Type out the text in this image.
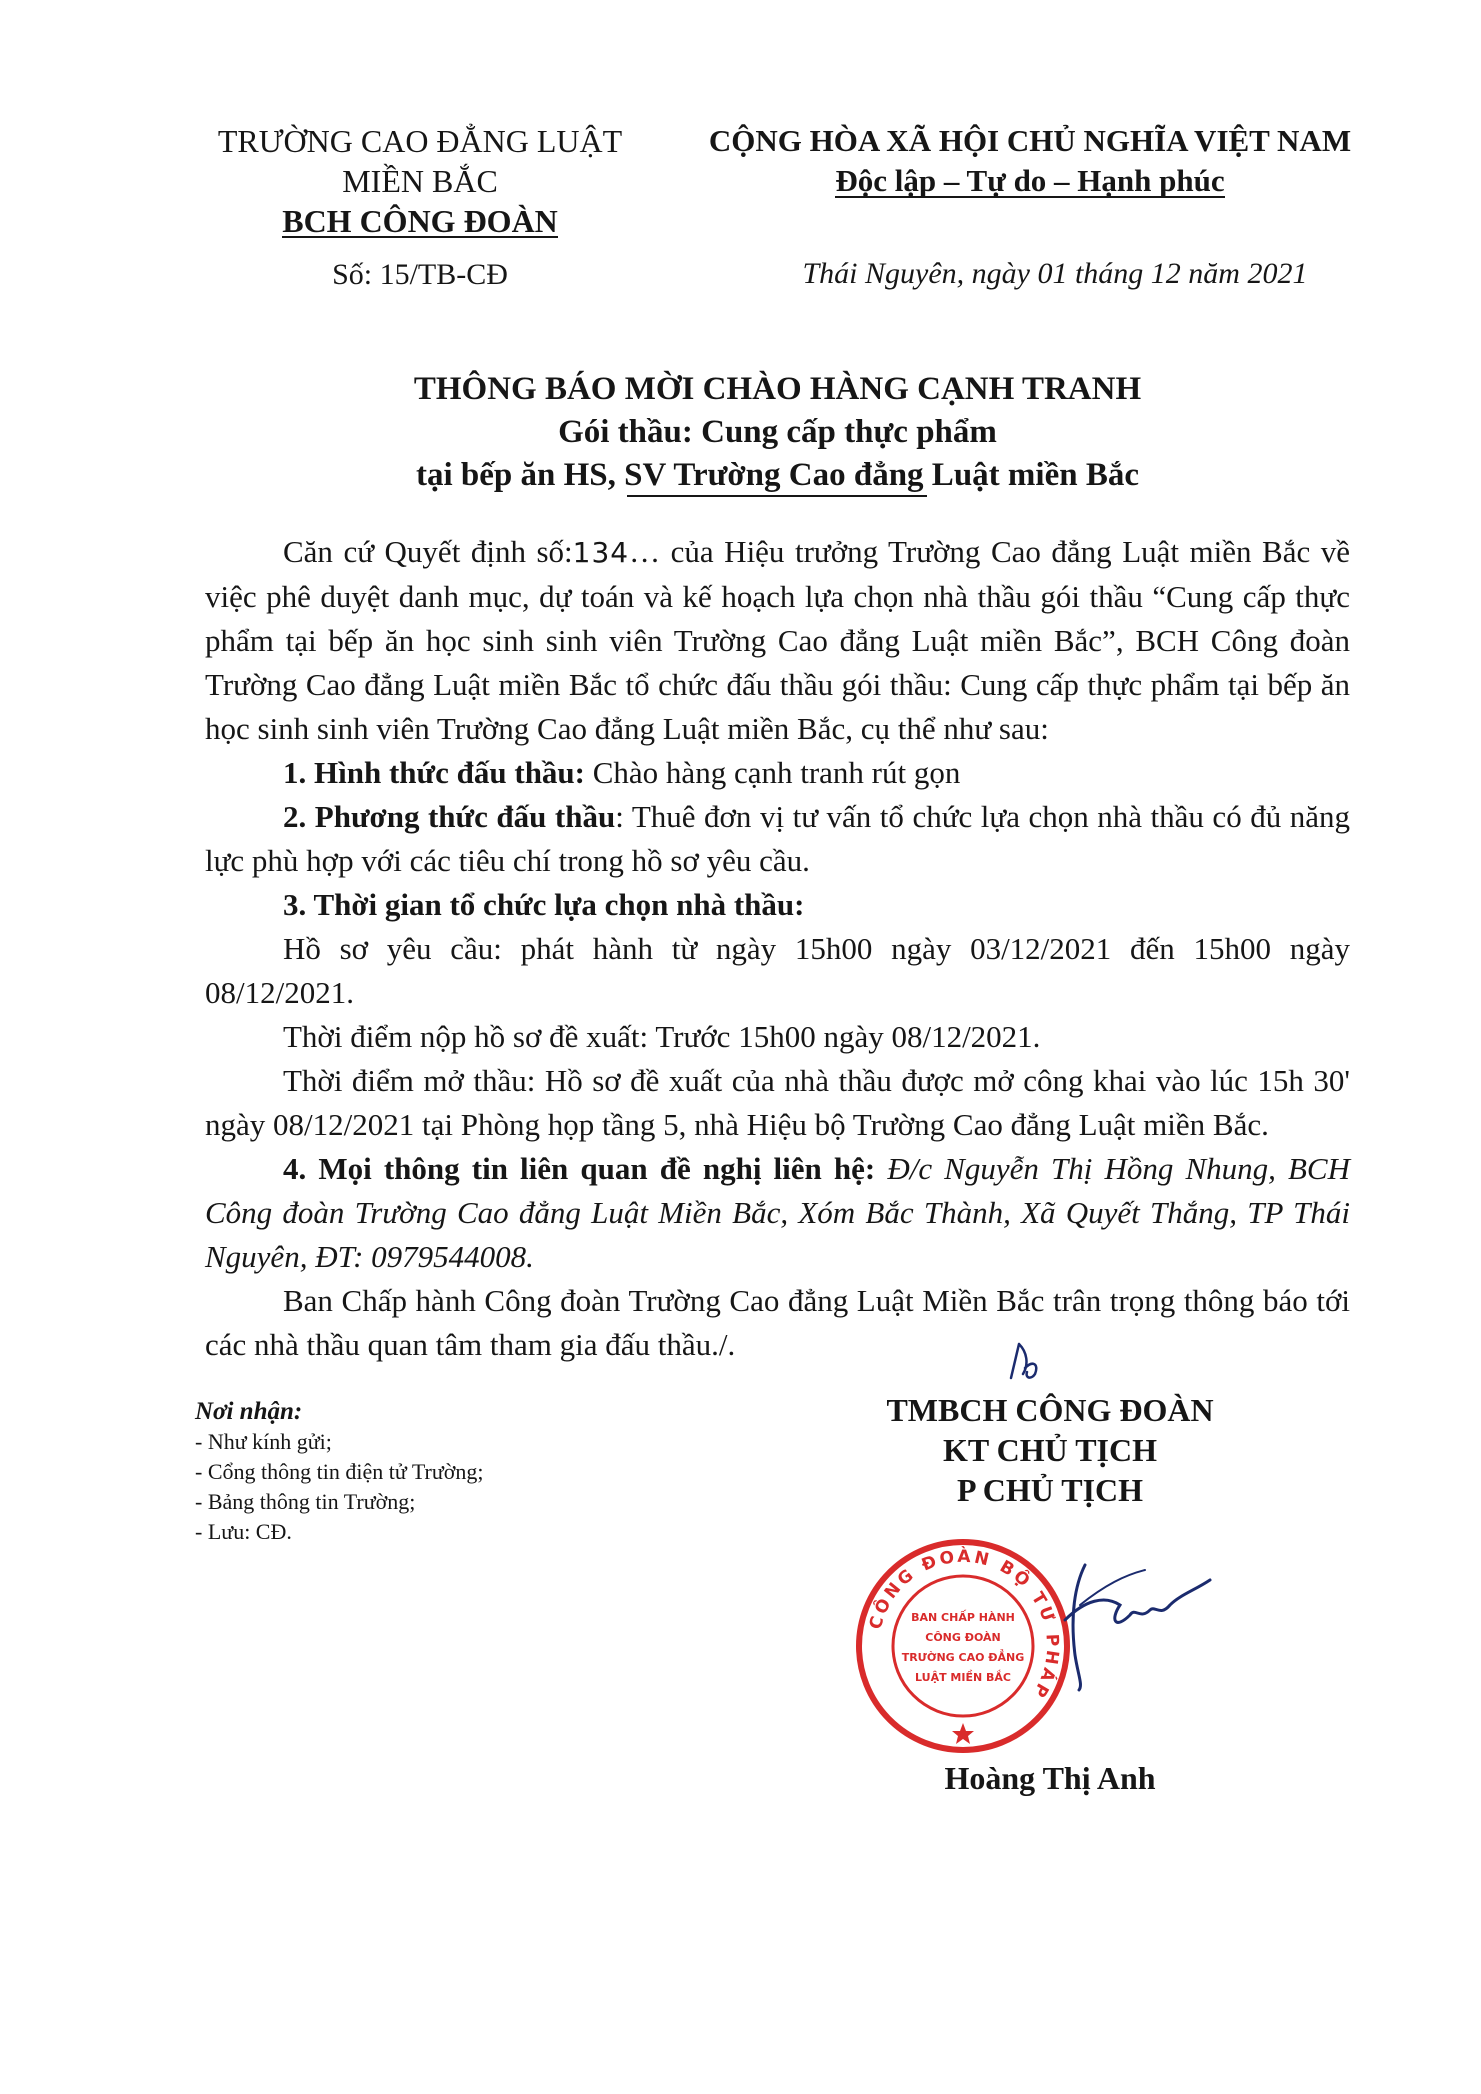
TRƯỜNG CAO ĐẲNG LUẬT
MIỀN BẮC
BCH CÔNG ĐOÀN
Số: 15/TB-CĐ
CỘNG HÒA XÃ HỘI CHỦ NGHĨA VIỆT NAM
Độc lập – Tự do – Hạnh phúc
Thái Nguyên, ngày 01 tháng 12 năm 2021
THÔNG BÁO MỜI CHÀO HÀNG CẠNH TRANH
Gói thầu: Cung cấp thực phẩm
tại bếp ăn HS, SV Trường Cao đẳng Luật miền Bắc
Căn cứ Quyết định số:134… của Hiệu trưởng Trường Cao đẳng Luật miền Bắc về việc phê duyệt danh mục, dự toán và kế hoạch lựa chọn nhà thầu gói thầu “Cung cấp thực phẩm tại bếp ăn học sinh sinh viên Trường Cao đẳng Luật miền Bắc”, BCH Công đoàn Trường Cao đẳng Luật miền Bắc tổ chức đấu thầu gói thầu: Cung cấp thực phẩm tại bếp ăn học sinh sinh viên Trường Cao đẳng Luật miền Bắc, cụ thể như sau:
1. Hình thức đấu thầu: Chào hàng cạnh tranh rút gọn
2. Phương thức đấu thầu: Thuê đơn vị tư vấn tổ chức lựa chọn nhà thầu có đủ năng lực phù hợp với các tiêu chí trong hồ sơ yêu cầu.
3. Thời gian tổ chức lựa chọn nhà thầu:
Hồ sơ yêu cầu: phát hành từ ngày 15h00 ngày 03/12/2021 đến 15h00 ngày 08/12/2021.
Thời điểm nộp hồ sơ đề xuất: Trước 15h00 ngày 08/12/2021.
Thời điểm mở thầu: Hồ sơ đề xuất của nhà thầu được mở công khai vào lúc 15h 30' ngày 08/12/2021 tại Phòng họp tầng 5, nhà Hiệu bộ Trường Cao đẳng Luật miền Bắc.
4. Mọi thông tin liên quan đề nghị liên hệ: Đ/c Nguyễn Thị Hồng Nhung, BCH Công đoàn Trường Cao đẳng Luật Miền Bắc, Xóm Bắc Thành, Xã Quyết Thắng, TP Thái Nguyên, ĐT: 0979544008.
Ban Chấp hành Công đoàn Trường Cao đẳng Luật Miền Bắc trân trọng thông báo tới các nhà thầu quan tâm tham gia đấu thầu./.
Nơi nhận:
- Như kính gửi;
- Cổng thông tin điện tử Trường;
- Bảng thông tin Trường;
- Lưu: CĐ.
TMBCH CÔNG ĐOÀN
KT CHỦ TỊCH
P CHỦ TỊCH
CÔNG ĐOÀN BỘ TƯ PHÁP
BAN CHẤP HÀNH
CÔNG ĐOÀN
TRƯỜNG CAO ĐẲNG
LUẬT MIỀN BẮC
Hoàng Thị Anh
